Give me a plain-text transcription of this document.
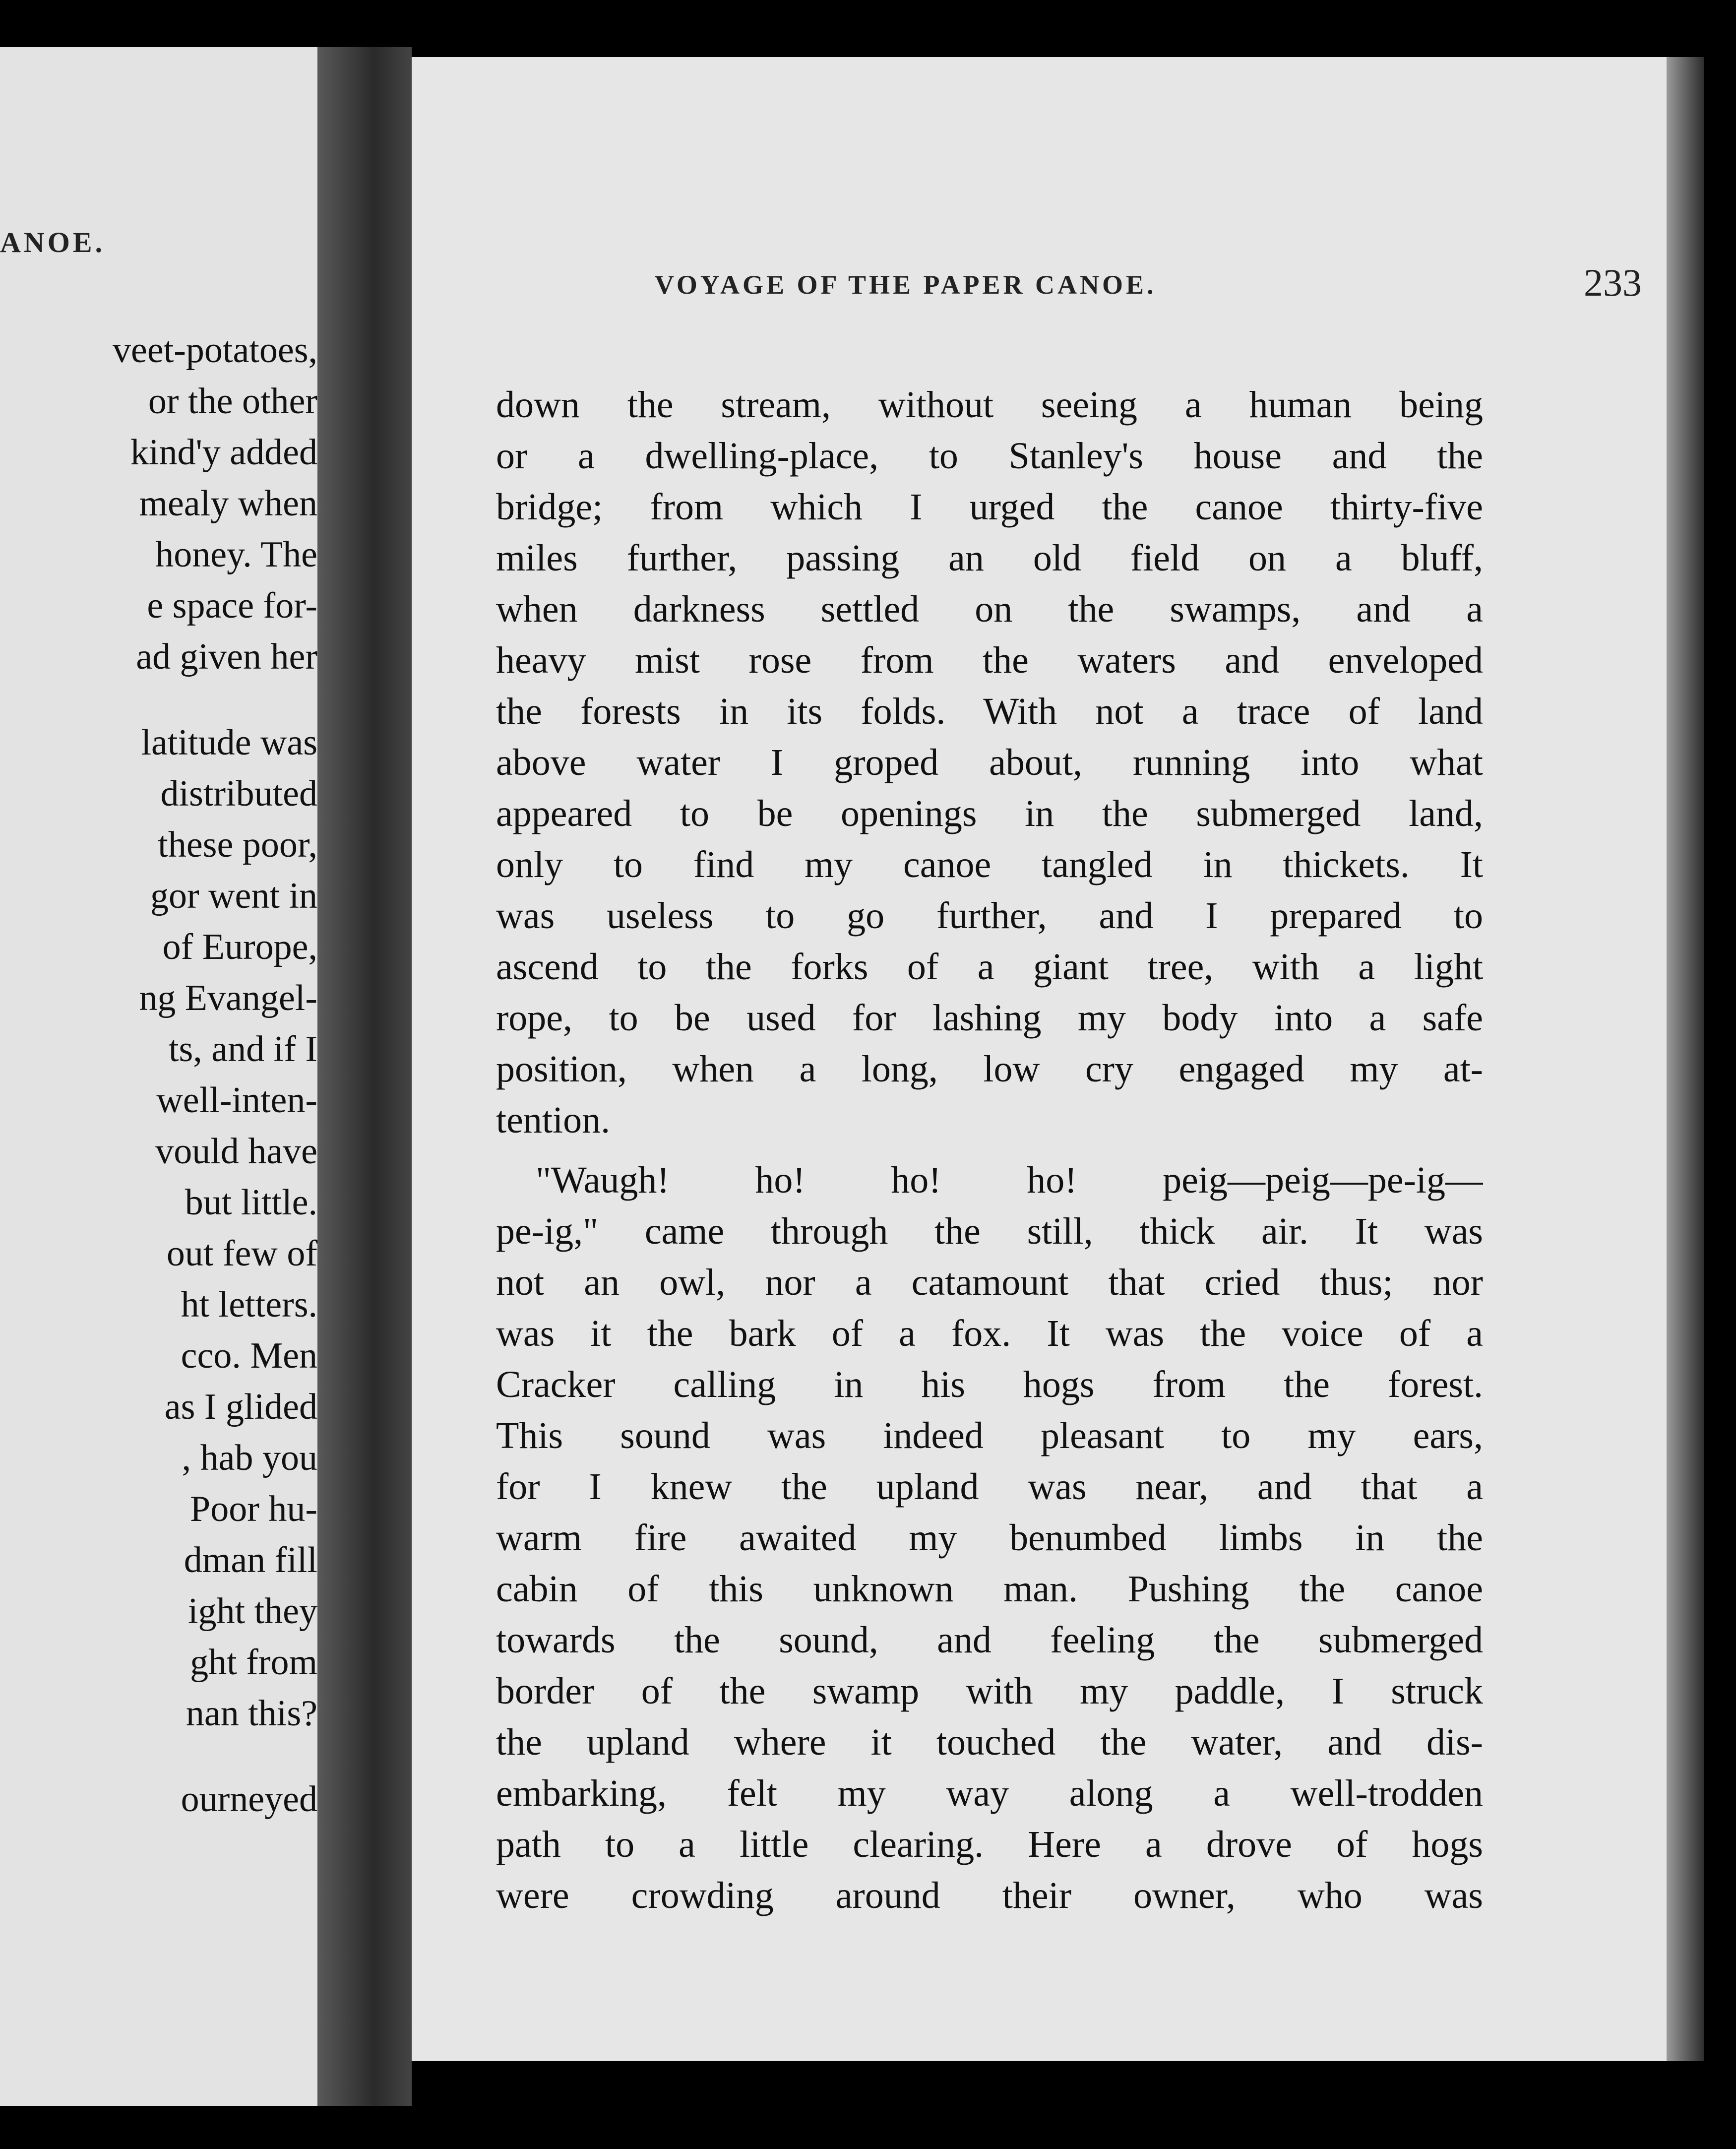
ANOE.
veet-potatoes,
or the other
kind'y added
mealy when
honey. The
e space for-
ad given her
latitude was
distributed
these poor,
gor went in
of Europe,
ng Evangel-
ts, and if I
well-inten-
vould have
but little.
out few of
ht letters.
cco. Men
as I glided
, hab you
Poor hu-
dman fill
ight they
ght from
nan this?
ourneyed
VOYAGE OF THE PAPER CANOE.	233
down the stream, without seeing a human being
or a dwelling-place, to Stanley's house and the
bridge; from which I urged the canoe thirty-five
miles further, passing an old field on a bluff,
when darkness settled on the swamps, and a
heavy mist rose from the waters and enveloped
the forests in its folds. With not a trace of land
above water I groped about, running into what
appeared to be openings in the submerged land,
only to find my canoe tangled in thickets. It
was useless to go further, and I prepared to
ascend to the forks of a giant tree, with a light
rope, to be used for lashing my body into a safe
position, when a long, low cry engaged my at-
tention.
"Waugh! ho! ho! ho! peig—peig—pe-ig—
pe-ig," came through the still, thick air. It was
not an owl, nor a catamount that cried thus; nor
was it the bark of a fox. It was the voice of a
Cracker calling in his hogs from the forest.
This sound was indeed pleasant to my ears,
for I knew the upland was near, and that a
warm fire awaited my benumbed limbs in the
cabin of this unknown man. Pushing the canoe
towards the sound, and feeling the submerged
border of the swamp with my paddle, I struck
the upland where it touched the water, and dis-
embarking, felt my way along a well-trodden
path to a little clearing. Here a drove of hogs
were crowding around their owner, who was
